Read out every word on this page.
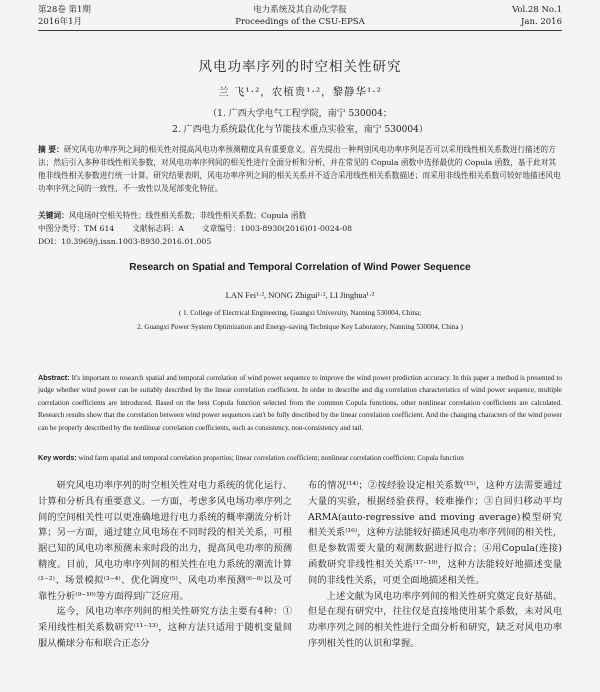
第28卷 第1期
2016年1月
电力系统及其自动化学报
Proceedings of the CSU-EPSA
Vol.28 No.1
Jan. 2016
风电功率序列的时空相关性研究
兰 飞¹·²，农植贵¹·²，黎静华¹·²
（1. 广西大学电气工程学院，南宁 530004；
2. 广西电力系统最优化与节能技术重点实验室，南宁 530004）
摘 要：研究风电功率序列之间的相关性对提高风电功率预测精度具有重要意义。首先提出一种判别风电功率序列是否可以采用线性相关系数进行描述的方法；然后引入多种非线性相关参数，对风电功率序列间的相关性进行全面分析和分析，并在常见的 Copula 函数中选择最优的 Copula 函数，基于此对其他非线性相关参数进行统一计算。研究结果表明，风电功率序列之间的相关关系并不适合采用线性相关系数描述；而采用非线性相关系数可较好地描述风电功率序列之间的一致性、不一致性以及尾部变化特征。
关键词：风电场时空相关特性；线性相关系数；非线性相关系数；Copula 函数
中图分类号：TM 614 文献标志码：A 文章编号：1003-8930(2016)01-0024-08
DOI：10.3969/j.issn.1003-8930.2016.01.005
Research on Spatial and Temporal Correlation of Wind Power Sequence
LAN Fei¹·², NONG Zhigui¹·², LI Jinghua¹·²
( 1. College of Electrical Engineering, Guangxi University, Nanning 530004, China;
2. Guangxi Power System Optimization and Energy-saving Technique Key Laboratory, Nanning 530004, China )
Abstract: It's important to research spatial and temporal correlation of wind power sequence to improve the wind power prediction accuracy. In this paper a method is presented to judge whether wind power can be suitably described by the linear correlation coefficient. In order to describe and dig correlation characteristics of wind power sequence, multiple correlation coefficients are introduced. Based on the best Copula function selected from the common Copula functions, other nonlinear correlation coefficients are calculated. Research results show that the correlation between wind power sequences can't be fully described by the linear correlation coefficient. And the changing characters of the wind power can be properly described by the nonlinear correlation coefficients, such as consistency, non-consistency and tail.
Key words: wind farm spatial and temporal correlation properties; linear correlation coefficient; nonlinear correlation coefficient; Copula function

研究风电功率序列的时空相关性对电力系统的优化运行、计算和分析具有重要意义。一方面，考虑多风电场功率序列之间的空间相关性可以更准确地进行电力系统的概率潮流分析计算；另一方面，通过建立风电场在不同时段的相关关系，可根据已知的风电功率预测未来时段的出力，提高风电功率的预测精度。目前，风电功率序列间的相关性在电力系统的潮流计算⁽¹⁻²⁾、场景模拟⁽³⁻⁴⁾、优化调度⁽⁵⁾、风电功率预测⁽⁶⁻⁸⁾以及可靠性分析⁽⁹⁻¹⁰⁾等方面得到广泛应用。

迄今，风电功率序列间的相关性研究方法主要有4种：①采用线性相关系数研究⁽¹¹⁻¹³⁾，这种方法只适用于随机变量间服从椭球分布和联合正态分

布的情况⁽¹⁴⁾；②按经验设定相关系数⁽¹⁵⁾，这种方法需要通过大量的实验，根据经验获得，较难操作；③自回归移动平均ARMA(auto-regressive and moving average)模型研究相关关系⁽¹⁶⁾，这种方法能较好描述风电功率序列间的相关性，但是参数需要大量的观测数据进行拟合；④用Copula(连接)函数研究非线性相关关系⁽¹⁷⁻¹⁹⁾，这种方法能较好地描述变量间的非线性关系，可更全面地描述相关性。

上述文献为风电功率序列间的相关性研究奠定良好基础。但是在现有研究中，往往仅是直接地使用某个系数，未对风电功率序列之间的相关性进行全面分析和研究，缺乏对风电功率序列相关性的认识和掌握。
